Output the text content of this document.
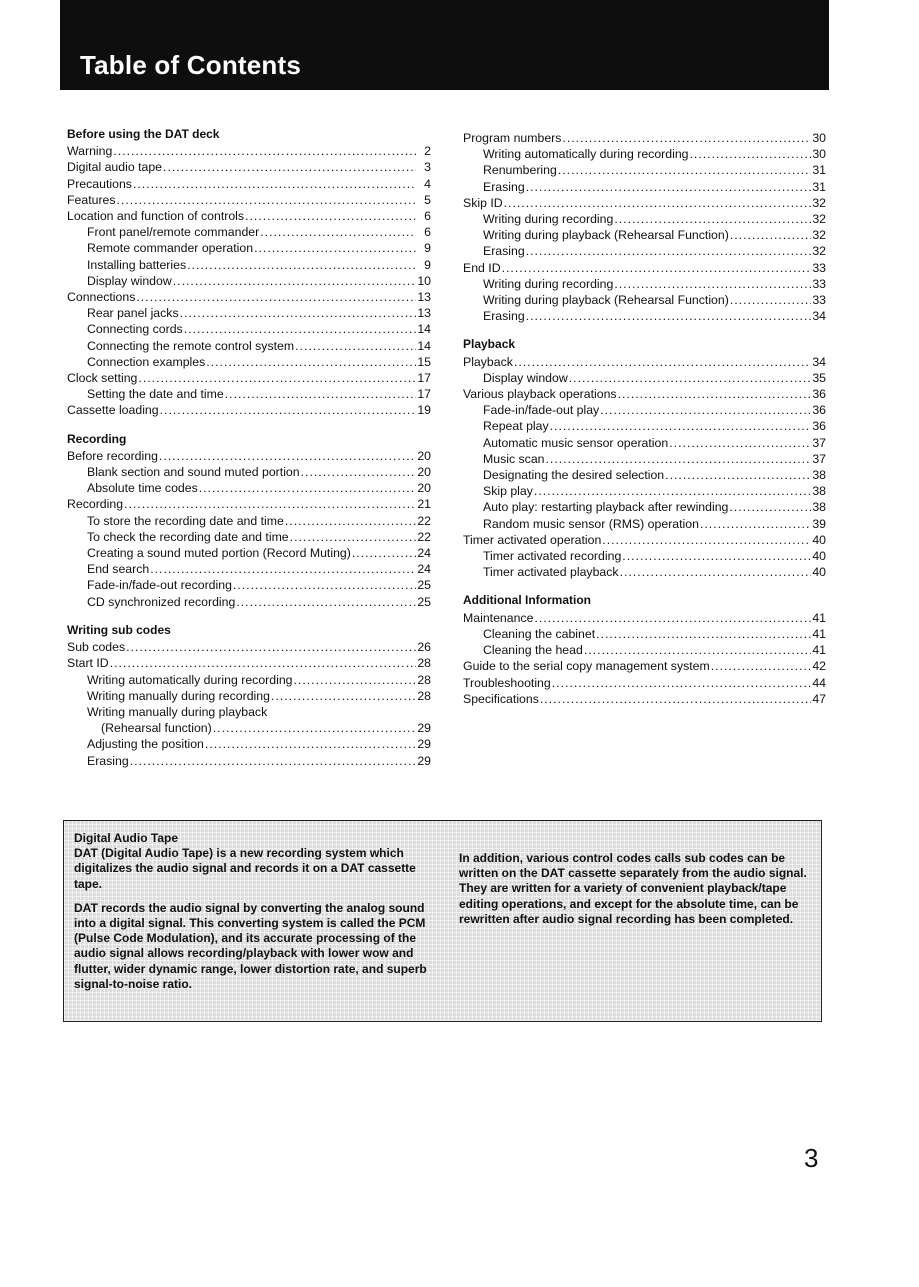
Table of Contents
Before using the DAT deck
Warning .....	2
Digital audio tape .....	3
Precautions .....	4
Features .....	5
Location and function of controls .....	6
Front panel/remote commander .....	6
Remote commander operation .....	9
Installing batteries .....	9
Display window .....	10
Connections .....	13
Rear panel jacks .....	13
Connecting cords .....	14
Connecting the remote control system .....	14
Connection examples .....	15
Clock setting .....	17
Setting the date and time .....	17
Cassette loading .....	19
Recording
Before recording .....	20
Blank section and sound muted portion .....	20
Absolute time codes .....	20
Recording .....	21
To store the recording date and time .....	22
To check the recording date and time .....	22
Creating a sound muted portion (Record Muting) .....	24
End search .....	24
Fade-in/fade-out recording .....	25
CD synchronized recording .....	25
Writing sub codes
Sub codes .....	26
Start ID .....	28
Writing automatically during recording .....	28
Writing manually during recording .....	28
Writing manually during playback
(Rehearsal function) .....	29
Adjusting the position .....	29
Erasing .....	29
Program numbers .....	30
Writing automatically during recording .....	30
Renumbering .....	31
Erasing .....	31
Skip ID .....	32
Writing during recording .....	32
Writing during playback (Rehearsal Function) .....	32
Erasing .....	32
End ID .....	33
Writing during recording .....	33
Writing during playback (Rehearsal Function) .....	33
Erasing .....	34
Playback
Playback .....	34
Display window .....	35
Various playback operations .....	36
Fade-in/fade-out play .....	36
Repeat play .....	36
Automatic music sensor operation .....	37
Music scan .....	37
Designating the desired selection .....	38
Skip play .....	38
Auto play: restarting playback after rewinding .....	38
Random music sensor (RMS) operation .....	39
Timer activated operation .....	40
Timer activated recording .....	40
Timer activated playback .....	40
Additional Information
Maintenance .....	41
Cleaning the cabinet .....	41
Cleaning the head .....	41
Guide to the serial copy management system .....	42
Troubleshooting .....	44
Specifications .....	47
Digital Audio Tape
DAT (Digital Audio Tape) is a new recording system which digitalizes the audio signal and records it on a DAT cassette tape.
DAT records the audio signal by converting the analog sound into a digital signal. This converting system is called the PCM (Pulse Code Modulation), and its accurate processing of the audio signal allows recording/playback with lower wow and flutter, wider dynamic range, lower distortion rate, and superb signal-to-noise ratio.
In addition, various control codes calls sub codes can be written on the DAT cassette separately from the audio signal. They are written for a variety of convenient playback/tape editing operations, and except for the absolute time, can be rewritten after audio signal recording has been completed.
3
